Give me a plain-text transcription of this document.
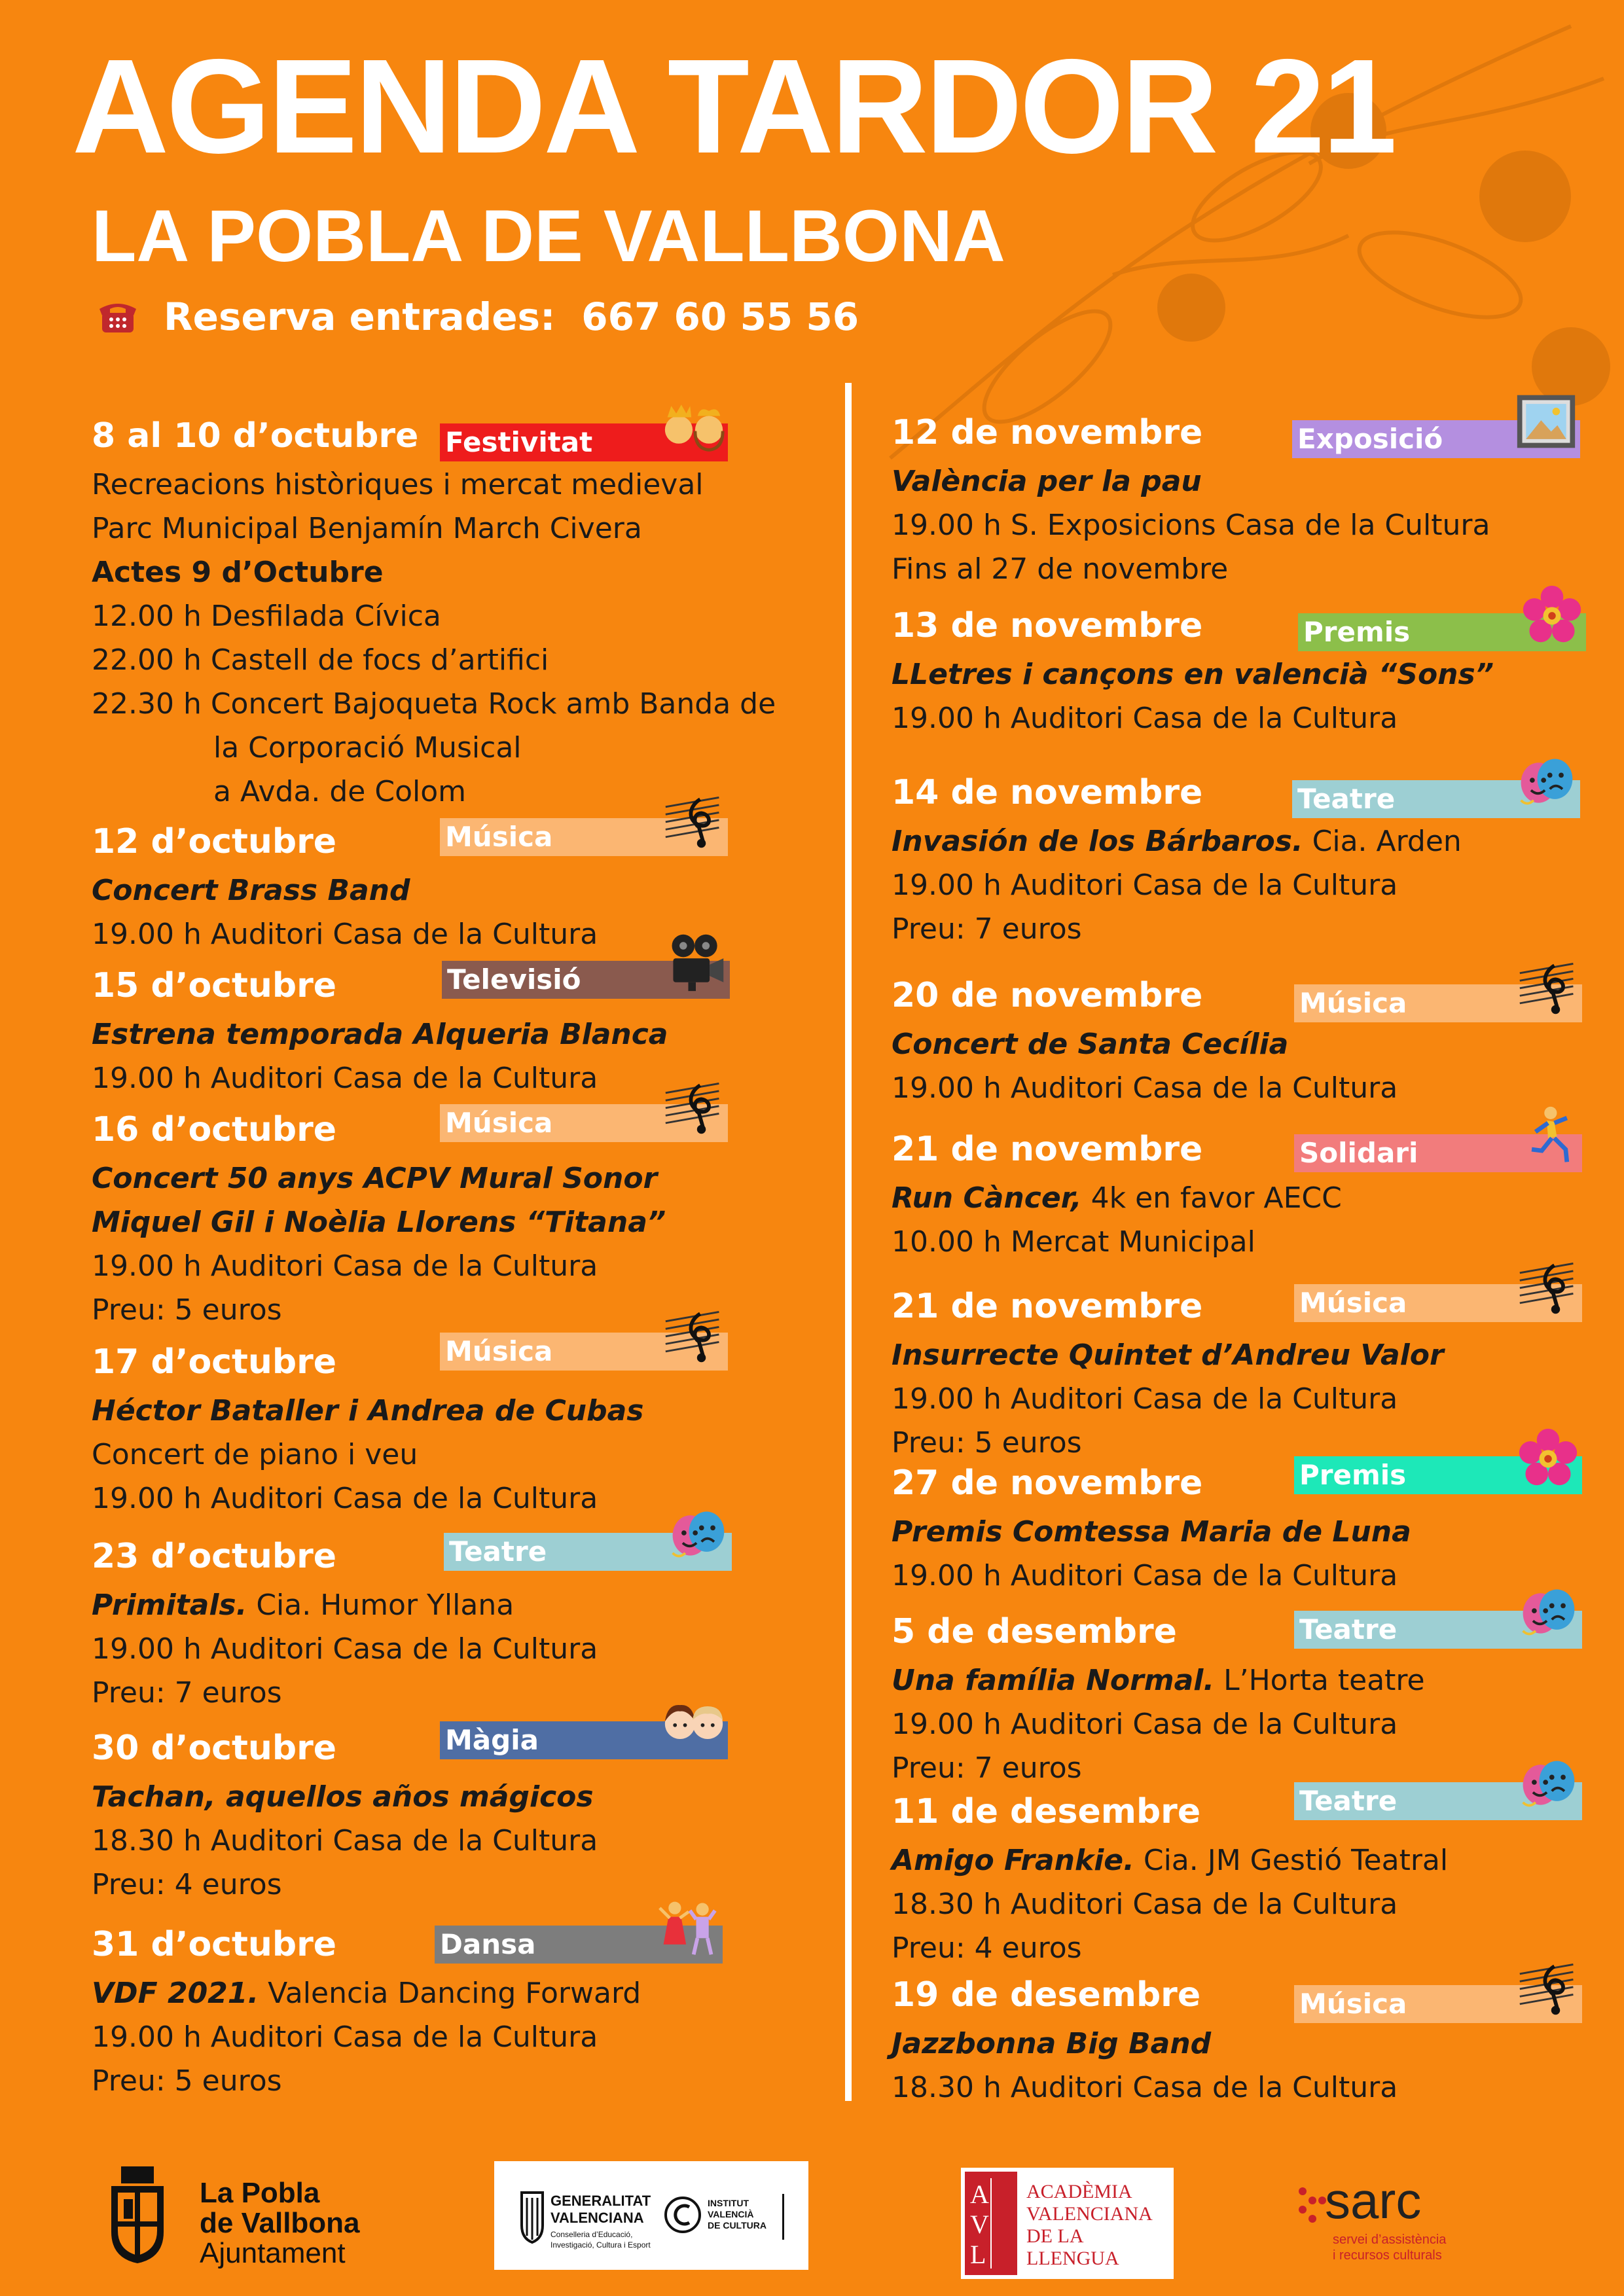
AGENDA TARDOR 21
LA POBLA DE VALLBONA
Reserva entrades: 667 60 55 56
8 al 10 d’octubre Festivitat
Recreacions històriques i mercat medieval
Parc Municipal Benjamín March Civera
Actes 9 d’Octubre
12.00 h Desfilada Cívica
22.00 h Castell de focs d’artifici
22.30 h Concert Bajoqueta Rock amb Banda de
la Corporació Musical
a Avda. de Colom
12 d’octubre	Música
Concert Brass Band
19.00 h Auditori Casa de la Cultura
15 d’octubre	Televisió
Estrena temporada Alqueria Blanca
19.00 h Auditori Casa de la Cultura
16 d’octubre	Música
Concert 50 anys ACPV Mural Sonor
Miquel Gil i Noèlia Llorens “Titana”
19.00 h Auditori Casa de la Cultura
Preu: 5 euros
17 d’octubre	Música
Héctor Bataller i Andrea de Cubas
Concert de piano i veu
19.00 h Auditori Casa de la Cultura
23 d’octubre	Teatre
Primitals. Cia. Humor Yllana
19.00 h Auditori Casa de la Cultura
Preu: 7 euros
30 d’octubre	Màgia
Tachan, aquellos años mágicos
18.30 h Auditori Casa de la Cultura
Preu: 4 euros
31 d’octubre	Dansa
VDF 2021. Valencia Dancing Forward
19.00 h Auditori Casa de la Cultura
Preu: 5 euros
12 de novembre	Exposició
València per la pau
19.00 h S. Exposicions Casa de la Cultura
Fins al 27 de novembre
13 de novembre	Premis
LLetres i cançons en valencià “Sons”
19.00 h Auditori Casa de la Cultura
14 de novembre	Teatre
Invasión de los Bárbaros. Cia. Arden
19.00 h Auditori Casa de la Cultura
Preu: 7 euros
20 de novembre	Música
Concert de Santa Cecília
19.00 h Auditori Casa de la Cultura
21 de novembre	Solidari
Run Càncer, 4k en favor AECC
10.00 h Mercat Municipal
21 de novembre	Música
Insurrecte Quintet d’Andreu Valor
19.00 h Auditori Casa de la Cultura
Preu: 5 euros
27 de novembre	Premis
Premis Comtessa Maria de Luna
19.00 h Auditori Casa de la Cultura
5 de desembre	Teatre
Una família Normal. L’Horta teatre
19.00 h Auditori Casa de la Cultura
Preu: 7 euros
11 de desembre	Teatre
Amigo Frankie. Cia. JM Gestió Teatral
18.30 h Auditori Casa de la Cultura
Preu: 4 euros
19 de desembre	Música
Jazzbonna Big Band
18.30 h Auditori Casa de la Cultura
La Pobla
de Vallbona
Ajuntament
GENERALITAT
VALENCIANA
Conselleria d’Educació,
Investigació, Cultura i Esport
INSTITUT
VALENCIÀ
DE CULTURA
AVL
ACADÈMIA
VALENCIANA
DE LA
LLENGUA
sarc
servei d’assistència
i recursos culturals
